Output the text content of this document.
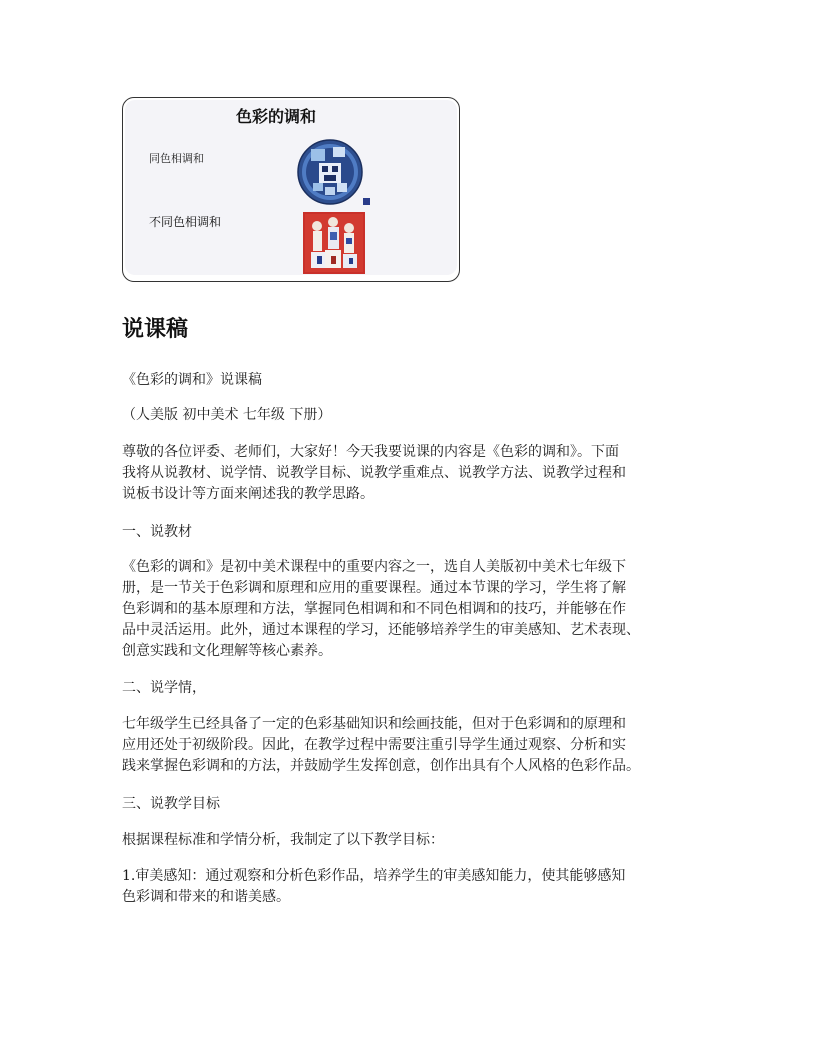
色彩的调和
同色相调和
不同色相调和
说课稿

《色彩的调和》说课稿

（人美版 初中美术 七年级 下册）

尊敬的各位评委、老师们，大家好！今天我要说课的内容是《色彩的调和》。下面
我将从说教材、说学情、说教学目标、说教学重难点、说教学方法、说教学过程和
说板书设计等方面来阐述我的教学思路。

一、说教材

《色彩的调和》是初中美术课程中的重要内容之一，选自人美版初中美术七年级下
册，是一节关于色彩调和原理和应用的重要课程。通过本节课的学习，学生将了解
色彩调和的基本原理和方法，掌握同色相调和和不同色相调和的技巧，并能够在作
品中灵活运用。此外，通过本课程的学习，还能够培养学生的审美感知、艺术表现、
创意实践和文化理解等核心素养。

二、说学情，

七年级学生已经具备了一定的色彩基础知识和绘画技能，但对于色彩调和的原理和
应用还处于初级阶段。因此，在教学过程中需要注重引导学生通过观察、分析和实
践来掌握色彩调和的方法，并鼓励学生发挥创意，创作出具有个人风格的色彩作品。

三、说教学目标

根据课程标准和学情分析，我制定了以下教学目标：

1.审美感知：通过观察和分析色彩作品，培养学生的审美感知能力，使其能够感知
色彩调和带来的和谐美感。
